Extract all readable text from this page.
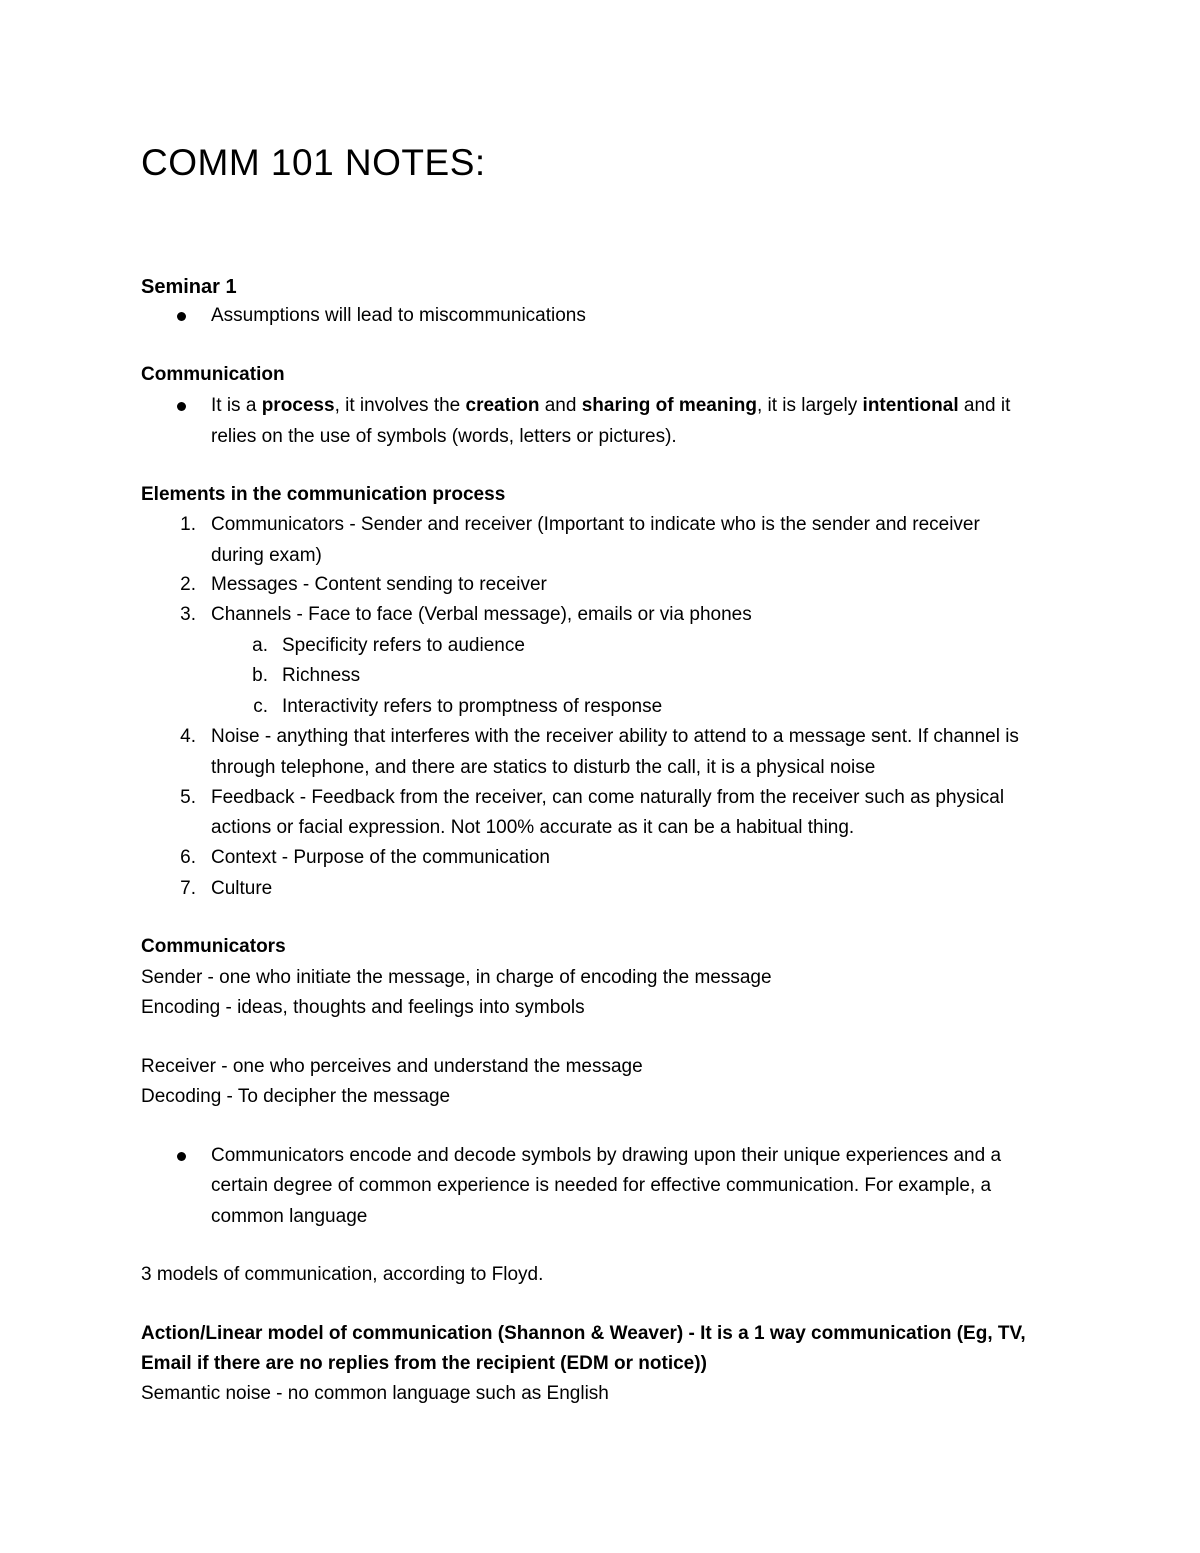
COMM 101 NOTES:
Seminar 1
Assumptions will lead to miscommunications
Communication
It is a process, it involves the creation and sharing of meaning, it is largely intentional and it
relies on the use of symbols (words, letters or pictures).
Elements in the communication process
1. Communicators - Sender and receiver (Important to indicate who is the sender and receiver
during exam)
2. Messages - Content sending to receiver
3. Channels - Face to face (Verbal message), emails or via phones
a. Specificity refers to audience
b. Richness
c. Interactivity refers to promptness of response
4. Noise - anything that interferes with the receiver ability to attend to a message sent. If channel is
through telephone, and there are statics to disturb the call, it is a physical noise
5. Feedback - Feedback from the receiver, can come naturally from the receiver such as physical
actions or facial expression. Not 100% accurate as it can be a habitual thing.
6. Context - Purpose of the communication
7. Culture
Communicators
Sender - one who initiate the message, in charge of encoding the message
Encoding - ideas, thoughts and feelings into symbols
Receiver - one who perceives and understand the message
Decoding - To decipher the message
Communicators encode and decode symbols by drawing upon their unique experiences and a
certain degree of common experience is needed for effective communication. For example, a
common language
3 models of communication, according to Floyd.
Action/Linear model of communication (Shannon & Weaver) - It is a 1 way communication (Eg, TV,
Email if there are no replies from the recipient (EDM or notice))
Semantic noise - no common language such as English
